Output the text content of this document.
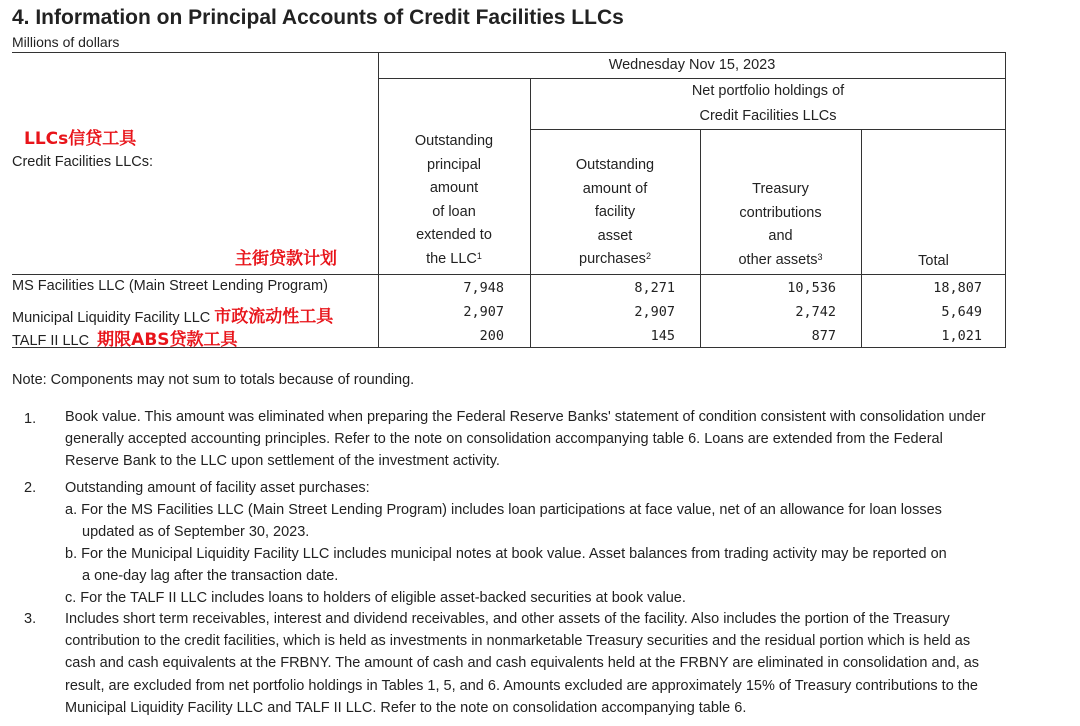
4. Information on Principal Accounts of Credit Facilities LLCs
Millions of dollars
Wednesday Nov 15, 2023
Net portfolio holdings of
Credit Facilities LLCs
LLCs信贷工具
Credit Facilities LLCs:
主街贷款计划
Outstanding
principal
amount
of loan
extended to
the LLC$^1$
Outstanding
amount of
facility
asset
purchases$^2$
Treasury
contributions
and
other assets$^3$	Total
MS Facilities LLC (Main Street Lending Program)	7,948	8,271	10,536	18,807
Municipal Liquidity Facility LLC 市政流动性工具	2,907	2,907	2,742	5,649
TALF II LLC 期限ABS贷款工具	200	145	877	1,021
Note: Components may not sum to totals because of rounding.
1. Book value. This amount was eliminated when preparing the Federal Reserve Banks' statement of condition consistent with consolidation under
generally accepted accounting principles. Refer to the note on consolidation accompanying table 6. Loans are extended from the Federal
Reserve Bank to the LLC upon settlement of the investment activity.
2. Outstanding amount of facility asset purchases:
a. For the MS Facilities LLC (Main Street Lending Program) includes loan participations at face value, net of an allowance for loan losses
updated as of September 30, 2023.
b. For the Municipal Liquidity Facility LLC includes municipal notes at book value. Asset balances from trading activity may be reported on
a one-day lag after the transaction date.
c. For the TALF II LLC includes loans to holders of eligible asset-backed securities at book value.
3. Includes short term receivables, interest and dividend receivables, and other assets of the facility. Also includes the portion of the Treasury
contribution to the credit facilities, which is held as investments in nonmarketable Treasury securities and the residual portion which is held as
cash and cash equivalents at the FRBNY. The amount of cash and cash equivalents held at the FRBNY are eliminated in consolidation and, as
result, are excluded from net portfolio holdings in Tables 1, 5, and 6. Amounts excluded are approximately 15% of Treasury contributions to the
Municipal Liquidity Facility LLC and TALF II LLC. Refer to the note on consolidation accompanying table 6.
